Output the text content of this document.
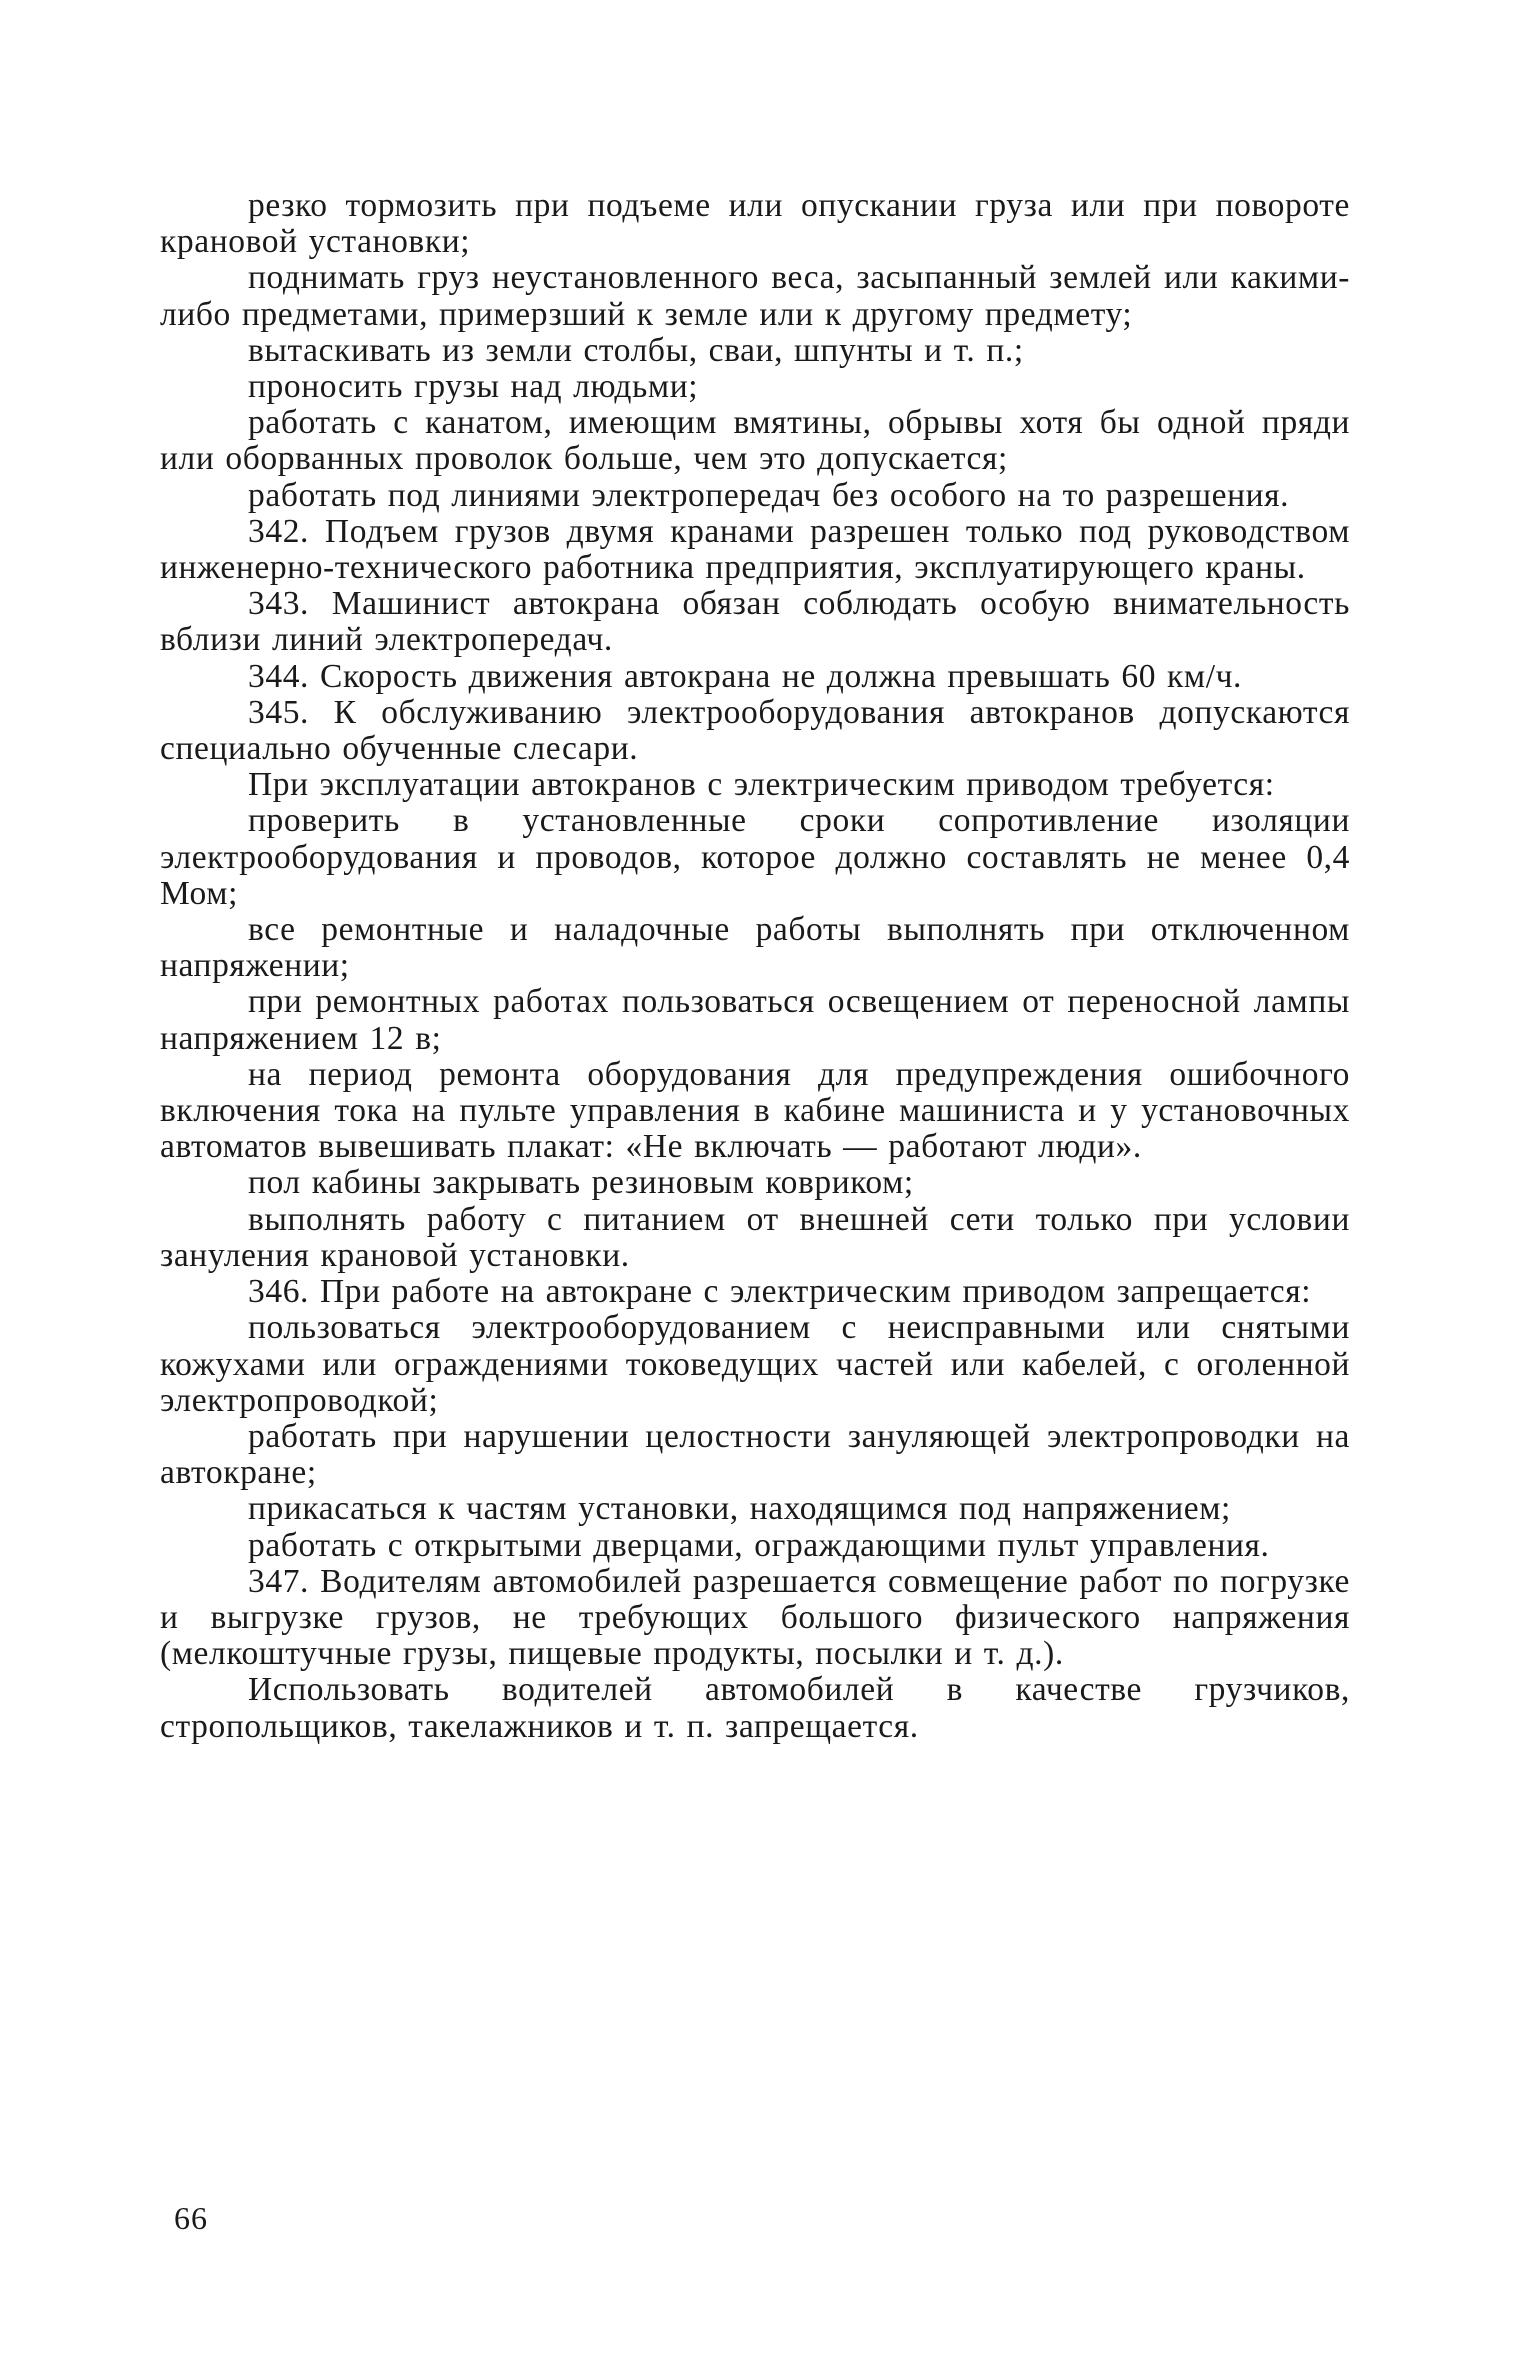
резко тормозить при подъеме или опускании груза или при повороте крановой установки;

поднимать груз неустановленного веса, засыпанный землей или какими-либо предметами, примерзший к земле или к другому предмету;

вытаскивать из земли столбы, сваи, шпунты и т. п.;

проносить грузы над людьми;

работать с канатом, имеющим вмятины, обрывы хотя бы одной пряди или оборванных проволок больше, чем это допускается;

работать под линиями электропередач без особого на то разрешения.

342. Подъем грузов двумя кранами разрешен только под руководством инженерно-технического работника предприятия, эксплуатирующего краны.

343. Машинист автокрана обязан соблюдать особую внимательность вблизи линий электропередач.

344. Скорость движения автокрана не должна превышать 60 км/ч.

345. К обслуживанию электрооборудования автокранов допускаются специально обученные слесари.

При эксплуатации автокранов с электрическим приводом требуется:

проверить в установленные сроки сопротивление изоляции электрооборудования и проводов, которое должно составлять не менее 0,4 Мом;

все ремонтные и наладочные работы выполнять при отключенном напряжении;

при ремонтных работах пользоваться освещением от переносной лампы напряжением 12 в;

на период ремонта оборудования для предупреждения ошибочного включения тока на пульте управления в кабине машиниста и у установочных автоматов вывешивать плакат: «Не включать — работают люди».

пол кабины закрывать резиновым ковриком;

выполнять работу с питанием от внешней сети только при условии зануления крановой установки.

346. При работе на автокране с электрическим приводом запрещается:

пользоваться электрооборудованием с неисправными или снятыми кожухами или ограждениями токоведущих частей или кабелей, с оголенной электропроводкой;

работать при нарушении целостности зануляющей электропроводки на автокране;

прикасаться к частям установки, находящимся под напряжением;

работать с открытыми дверцами, ограждающими пульт управления.

347. Водителям автомобилей разрешается совмещение работ по погрузке и выгрузке грузов, не требующих большого физического напряжения (мелкоштучные грузы, пищевые продукты, посылки и т. д.).

Использовать водителей автомобилей в качестве грузчиков, стропольщиков, такелажников и т. п. запрещается.

66
